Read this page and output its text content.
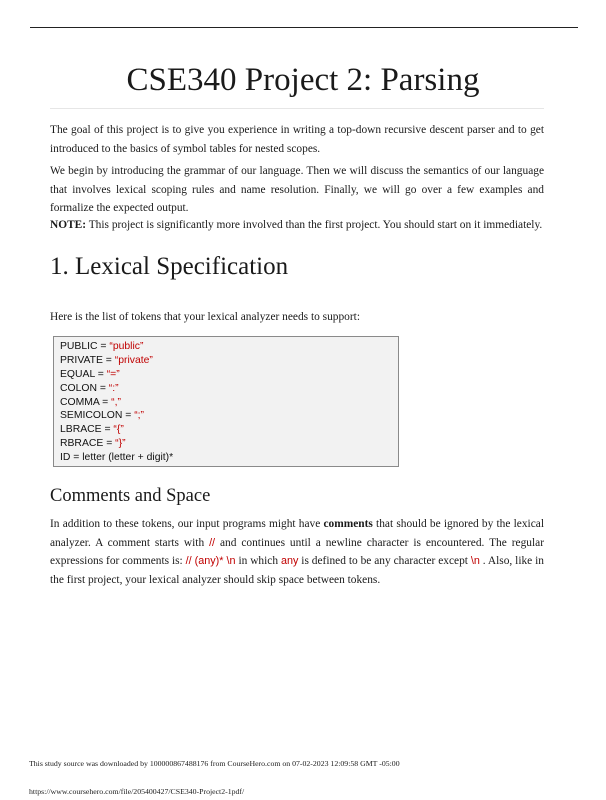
CSE340 Project 2: Parsing

The goal of this project is to give you experience in writing a top-down recursive descent parser and to get introduced to the basics of symbol tables for nested scopes.

We begin by introducing the grammar of our language. Then we will discuss the semantics of our language that involves lexical scoping rules and name resolution. Finally, we will go over a few examples and formalize the expected output.

NOTE: This project is significantly more involved than the first project. You should start on it immediately.

1. Lexical Specification
Here is the list of tokens that your lexical analyzer needs to support:
PUBLIC = “public”
PRIVATE = “private”
EQUAL = “=”
COLON = “:”
COMMA = “,”
SEMICOLON = “;”
LBRACE = “{”
RBRACE = “}”
ID = letter (letter + digit)*
Comments and Space

In addition to these tokens, our input programs might have comments that should be ignored by the lexical analyzer. A comment starts with // and continues until a newline character is encountered. The regular expressions for comments is: // (any)* \n in which any is defined to be any character except \n . Also, like in the first project, your lexical analyzer should skip space between tokens.

This study source was downloaded by 100000867488176 from CourseHero.com on 07-02-2023 12:09:58 GMT -05:00
https://www.coursehero.com/file/205400427/CSE340-Project2-1pdf/
